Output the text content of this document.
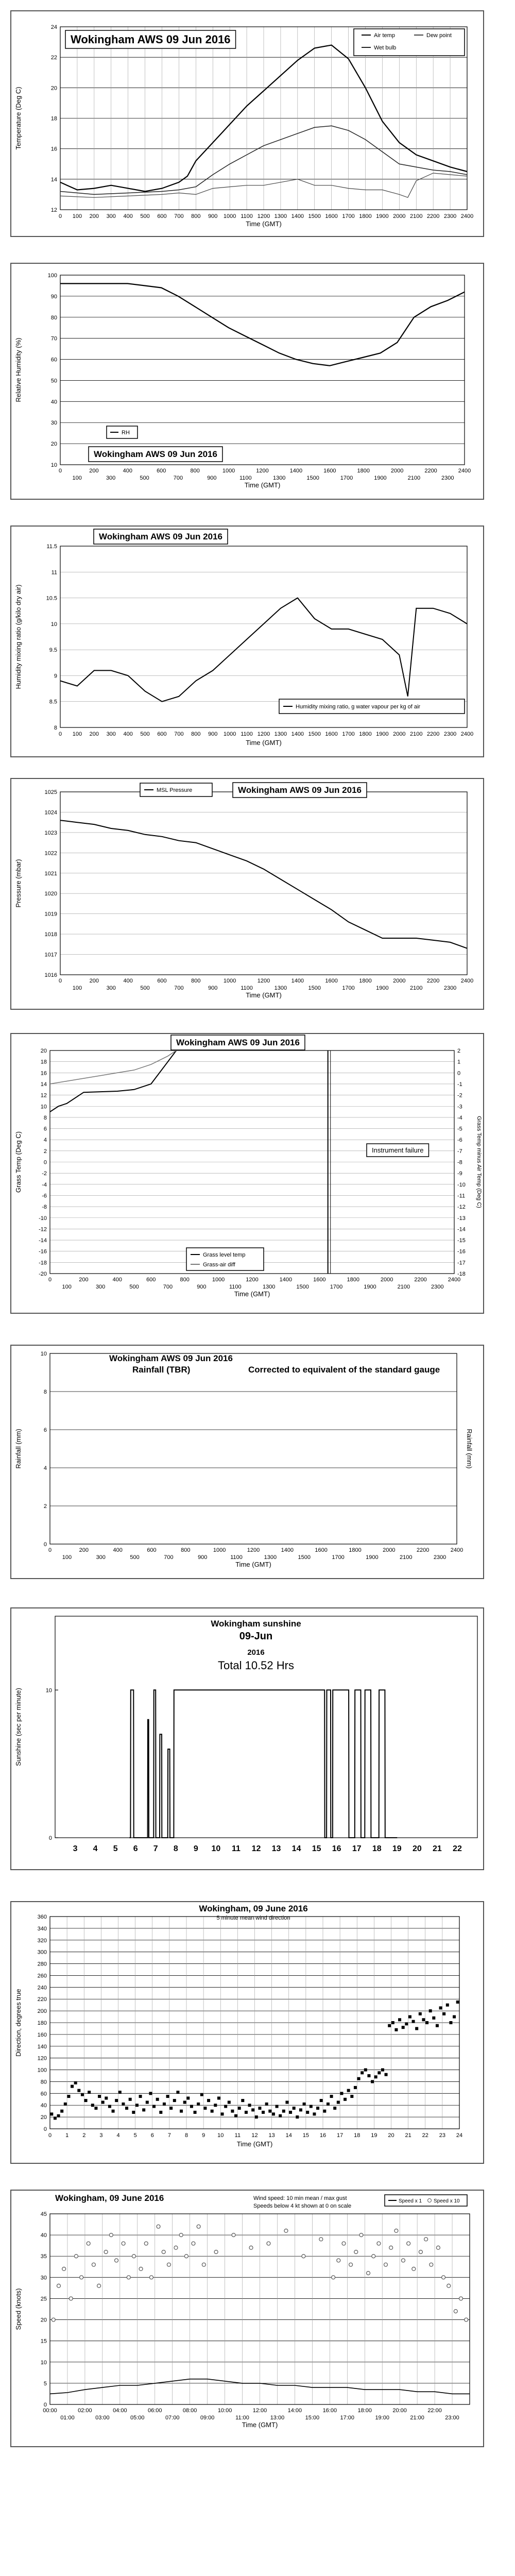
12
14
16
18
20
22
24
0 100 200 300 400 500 600 700 800 900 1000 1100 1200 1300 1400 1500 1600 1700 1800 1900 2000 2100 2200 2300 2400
Time (GMT)
Temperature (Deg C)
Wokingham AWS 09 Jun 2016	Air temp	Dew point
Wet bulb
10
20
30
40
50
60
70
80
90
100
0	200	400	600	800	1000	1200	1400	1600	1800	2000	2200	2400
100	300	500	700	900	1100	1300	1500	1700	1900	2100	2300
Time (GMT)
Relative Humidity (%)
RH
Wokingham AWS 09 Jun 2016
8
8.5
9
9.5
10
10.5
11
11.5
0 100 200 300 400 500 600 700 800 900 1000 1100 1200 1300 1400 1500 1600 1700 1800 1900 2000 2100 2200 2300 2400
Time (GMT)
Humidity mixing ratio (g/kilo dry air)
Humidity mixing ratio, g water vapour per kg of air
Wokingham AWS 09 Jun 2016
1016
1017
1018
1019
1020
1021
1022
1023
1024
1025
0	200	400	600	800	1000	1200	1400	1600	1800	2000	2200	2400
100	300	500	700	900	1100	1300	1500	1700	1900	2100	2300
Time (GMT)
Pressure (mbar)
MSL Pressure	Wokingham AWS 09 Jun 2016
20
18
16
14
12
10
8
6
4
2
0
-2
-4
-6
-8
-10
-12
-14
-16
-18
-20
2
1
0
-1
-2
-3
-4
-5
-6
-7
-8
-9
-10
-11
-12
-13
-14
-15
-16
-17
-18
0	200	400	600	800	1000	1200	1400	1600	1800	2000	2200	2400
100	300	500	700	900	1100	1300	1500	1700	1900	2100	2300
Time (GMT)
Grass Temp (Deg C)	Grass Temp minus Air Temp (Deg C)
Instrument failure
Grass level temp
Grass-air diff
Wokingham AWS 09 Jun 2016
0
2
4
6
8
10
0	200	400	600	800	1000	1200	1400	1600	1800	2000	2200	2400
100	300	500	700	900	1100	1300	1500	1700	1900	2100	2300
Time (GMT)
Rainfall (mm)	Rainfall (mm)
Wokingham AWS 09 Jun 2016
Rainfall (TBR)	Corrected to equivalent of the standard gauge
0
10
3 4 5 6 7 8 9 10 11 12 13 14 15 16 17 18 19 20 21 22
Sunshine (sec per minute)
Wokingham sunshine
09-Jun
2016
Total 10.52 Hrs
0
20
40
60
80
100
120
140
160
180
200
220
240
260
280
300
320
340
360
0 1 2 3 4 5 6 7 8 9 10 11 12 13 14 15 16 17 18 19 20 21 22 23 24
Time (GMT)
Direction, degrees true
Wokingham, 09 June 2016
5 minute mean wind direction
0
5
10
15
20
25
30
35
40
45
00:00	02:00	04:00	06:00	08:00	10:00	12:00	14:00	16:00	18:00	20:00	22:00
01:00	03:00	05:00	07:00	09:00	11:00	13:00	15:00	17:00	19:00	21:00	23:00
Time (GMT)
Speed (knots)
Wokingham, 09 June 2016	Wind speed: 10 min mean / max gust
Speeds below 4 kt shown at 0 on scale
Speed x 1 Speed x 10
